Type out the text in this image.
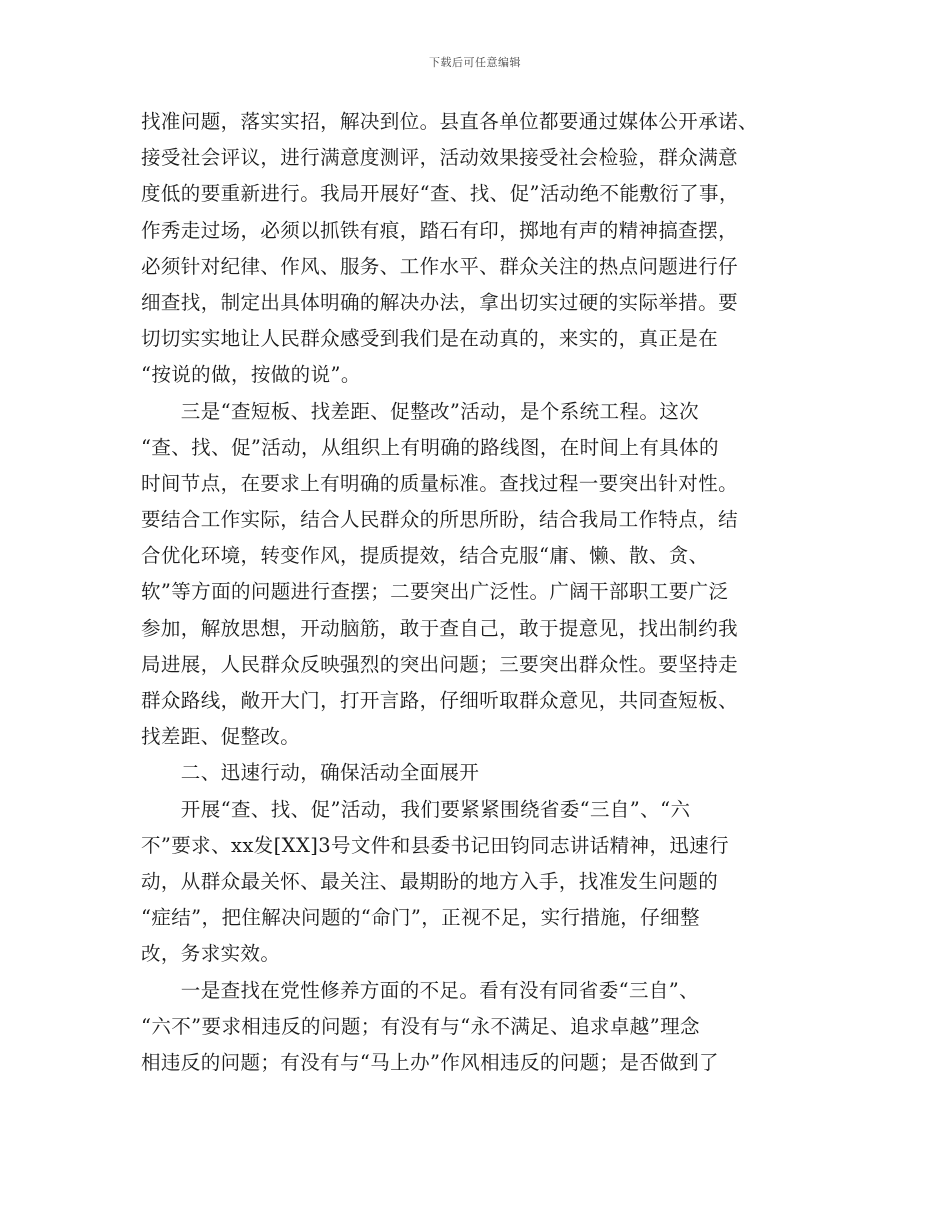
下载后可任意编辑
找准问题，落实实招，解决到位。县直各单位都要通过媒体公开承诺、
接受社会评议，进行满意度测评，活动效果接受社会检验，群众满意
度低的要重新进行。我局开展好“查、找、促”活动绝不能敷衍了事，
作秀走过场，必须以抓铁有痕，踏石有印，掷地有声的精神搞查摆，
必须针对纪律、作风、服务、工作水平、群众关注的热点问题进行仔
细查找，制定出具体明确的解决办法，拿出切实过硬的实际举措。要
切切实实地让人民群众感受到我们是在动真的，来实的，真正是在
“按说的做，按做的说”。
　　三是“查短板、找差距、促整改”活动，是个系统工程。这次
“查、找、促”活动，从组织上有明确的路线图，在时间上有具体的
时间节点，在要求上有明确的质量标准。查找过程一要突出针对性。
要结合工作实际，结合人民群众的所思所盼，结合我局工作特点，结
合优化环境，转变作风，提质提效，结合克服“庸、懒、散、贪、
软”等方面的问题进行查摆；二要突出广泛性。广阔干部职工要广泛
参加，解放思想，开动脑筋，敢于查自己，敢于提意见，找出制约我
局进展，人民群众反映强烈的突出问题；三要突出群众性。要坚持走
群众路线，敞开大门，打开言路，仔细听取群众意见，共同查短板、
找差距、促整改。
　　二、迅速行动，确保活动全面展开
　　开展“查、找、促”活动，我们要紧紧围绕省委“三自”、“六
不”要求、xx发[XX]3号文件和县委书记田钧同志讲话精神，迅速行
动，从群众最关怀、最关注、最期盼的地方入手，找准发生问题的
“症结”，把住解决问题的“命门”，正视不足，实行措施，仔细整
改，务求实效。
　　一是查找在党性修养方面的不足。看有没有同省委“三自”、
“六不”要求相违反的问题；有没有与“永不满足、追求卓越”理念
相违反的问题；有没有与“马上办”作风相违反的问题；是否做到了
